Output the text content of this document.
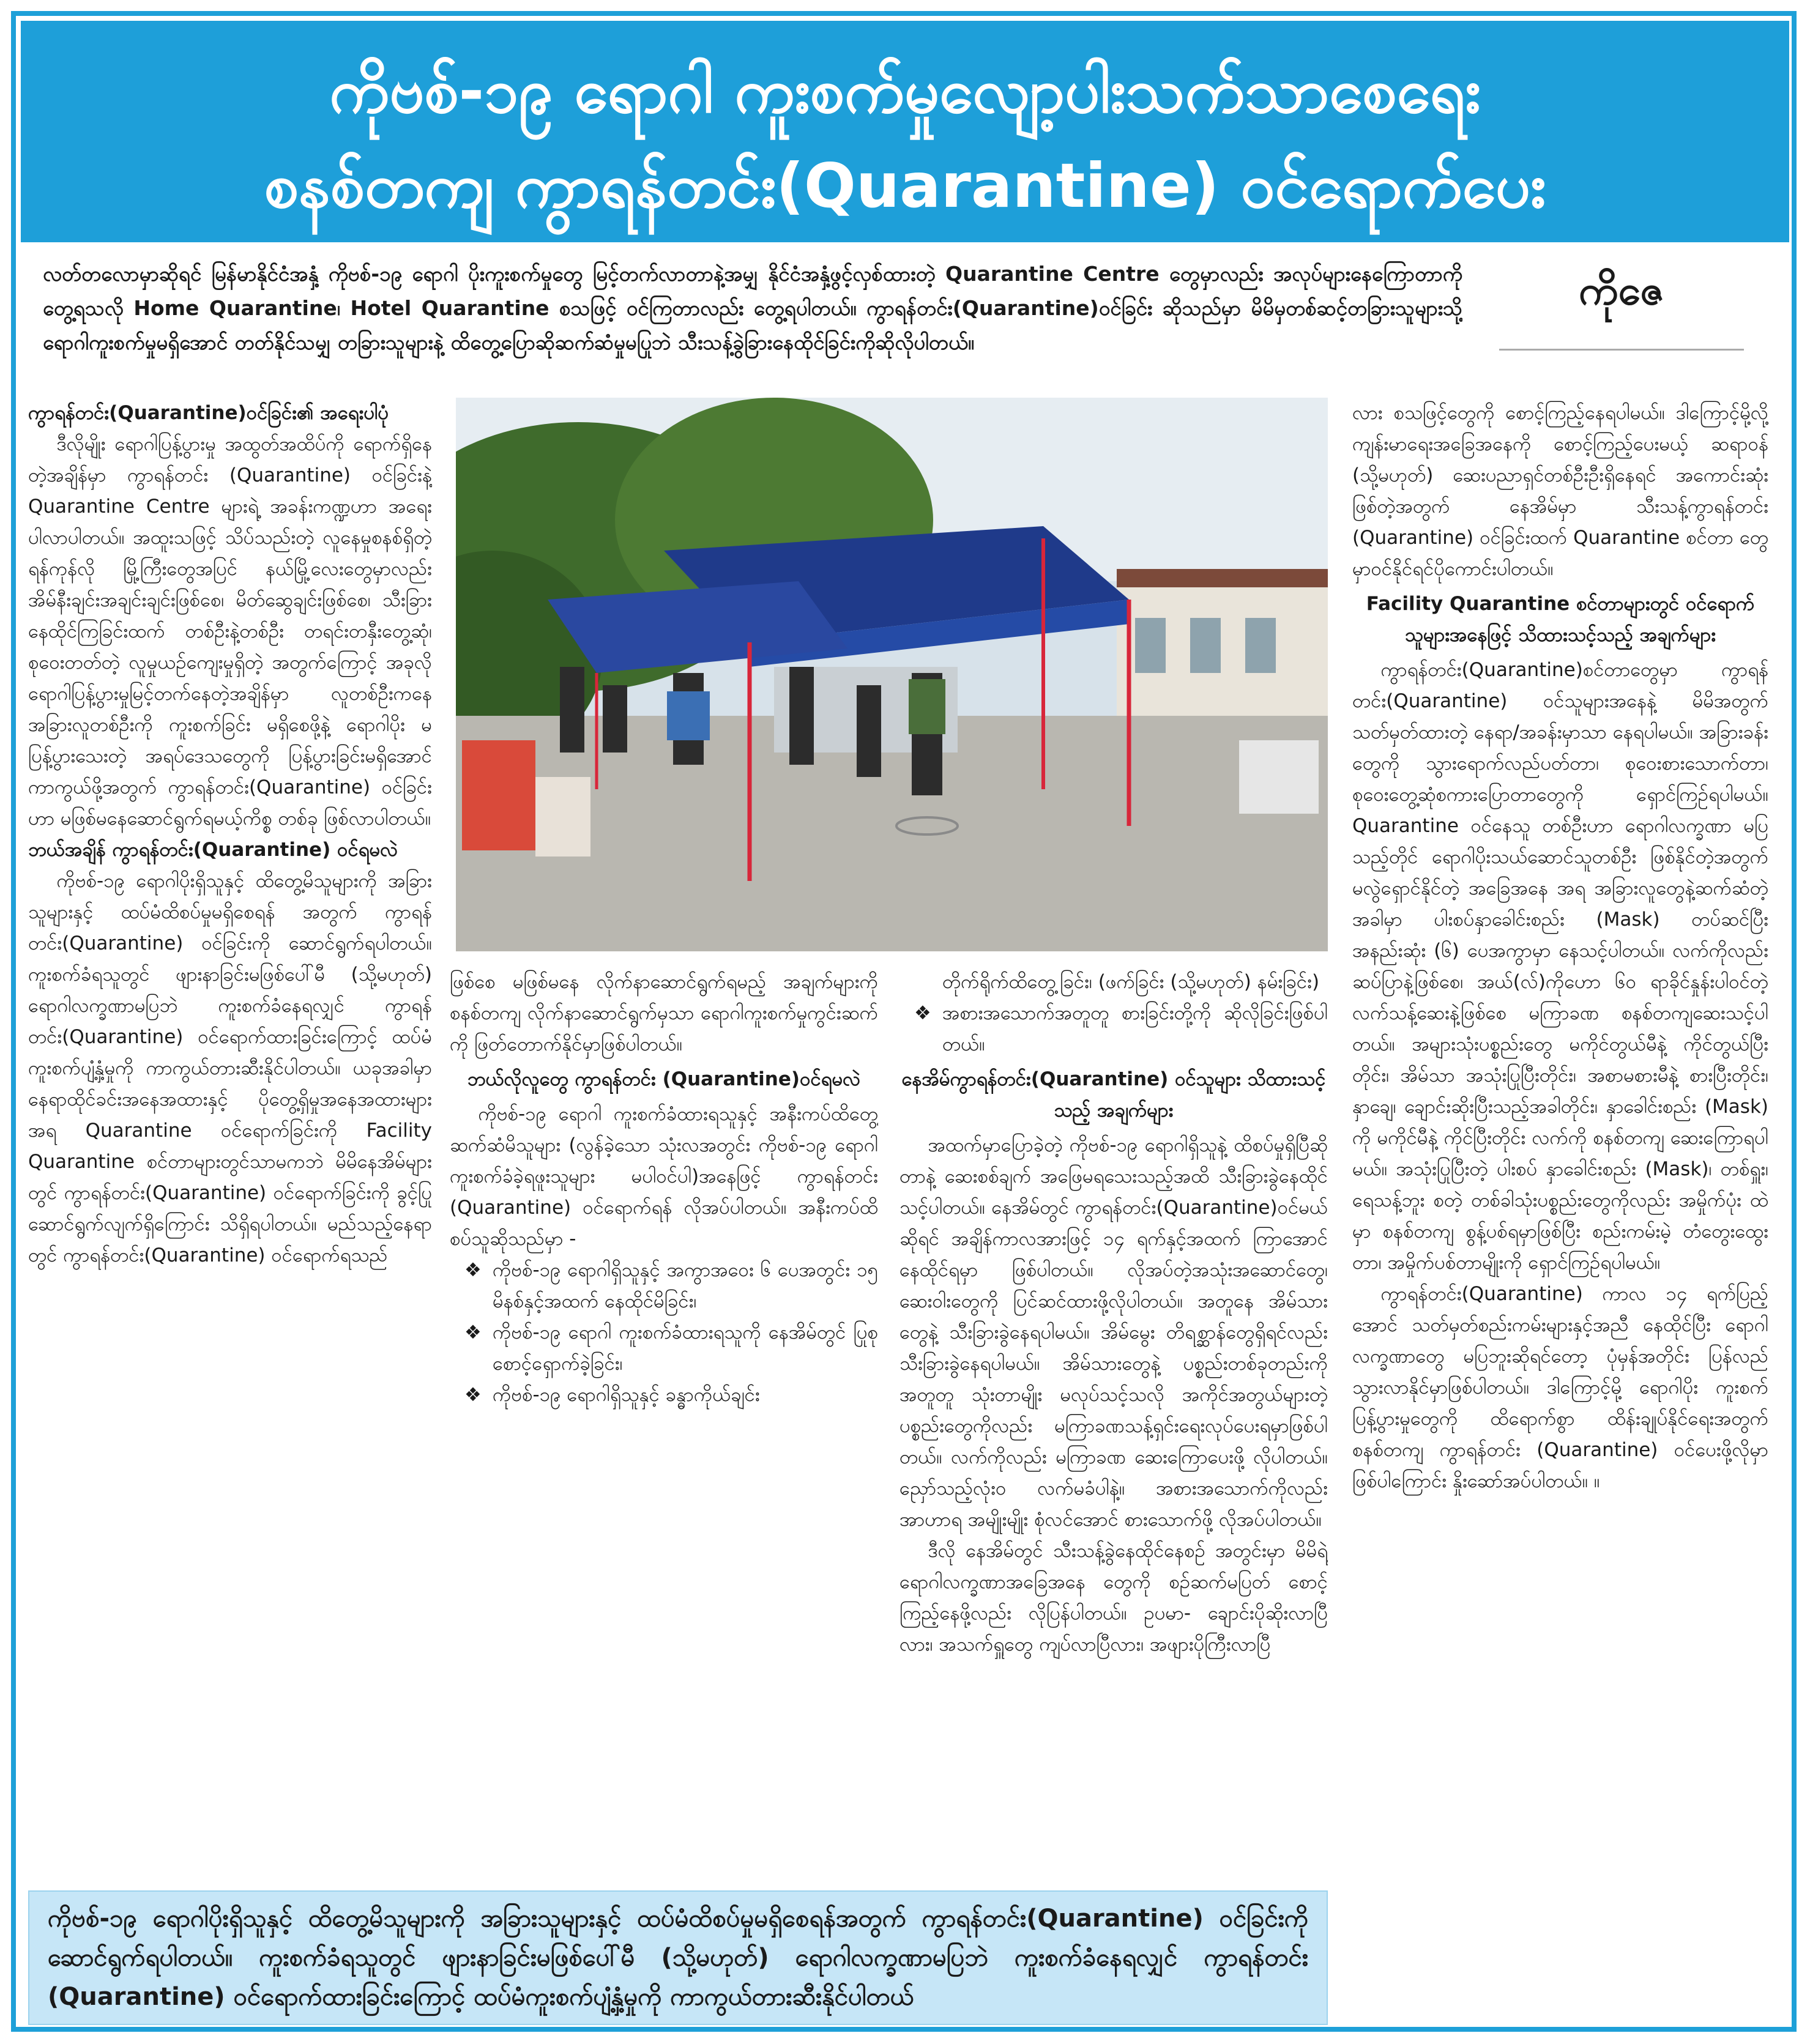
ကိုဗစ်-၁၉ ရောဂါ ကူးစက်မှုလျော့ပါးသက်သာစေရေး
စနစ်တကျ ကွာရန်တင်း(Quarantine) ဝင်ရောက်ပေး

လတ်တလောမှာဆိုရင် မြန်မာနိုင်ငံအနှံ့ ကိုဗစ်-၁၉ ရောဂါ ပိုးကူးစက်မှုတွေ မြင့်တက်လာတာနဲ့အမျှ နိုင်ငံအနှံ့ဖွင့်လှစ်ထားတဲ့ Quarantine Centre တွေမှာလည်း အလုပ်များနေကြောတာကို တွေ့ရသလို Home Quarantine၊ Hotel Quarantine စသဖြင့် ဝင်ကြတာလည်း တွေ့ရပါတယ်။ ကွာရန်တင်း(Quarantine)ဝင်ခြင်း ဆိုသည်မှာ မိမိမှတစ်ဆင့်တခြားသူများသို့ ရောဂါကူးစက်မှုမရှိအောင် တတ်နိုင်သမျှ တခြားသူများနဲ့ ထိတွေ့ပြောဆိုဆက်ဆံမှုမပြုဘဲ သီးသန့်ခွဲခြားနေထိုင်ခြင်းကိုဆိုလိုပါတယ်။

ကိုဇေ
ကွာရန်တင်း(Quarantine)ဝင်ခြင်း၏ အရေးပါပုံ

ဒီလိုမျိုး ရောဂါပြန့်ပွားမှု အထွတ်အထိပ်ကို ရောက်ရှိနေတဲ့အချိန်မှာ ကွာရန်တင်း (Quarantine) ဝင်ခြင်းနဲ့ Quarantine Centre များရဲ့ အခန်းကဏ္ဍဟာ အရေးပါလာပါတယ်။ အထူးသဖြင့် သိပ်သည်းတဲ့ လူနေမှုစနစ်ရှိတဲ့ ရန်ကုန်လို မြို့ကြီးတွေအပြင် နယ်မြို့လေးတွေမှာလည်း အိမ်နီးချင်းအချင်းချင်းဖြစ်စေ၊ မိတ်ဆွေချင်းဖြစ်စေ၊ သီးခြားနေထိုင်ကြခြင်းထက် တစ်ဦးနဲ့တစ်ဦး တရင်းတနှီးတွေ့ဆုံ၊ စုဝေးတတ်တဲ့ လူမှုယဉ်ကျေးမှုရှိတဲ့ အတွက်ကြောင့် အခုလို ရောဂါပြန့်ပွားမှုမြင့်တက်နေတဲ့အချိန်မှာ လူတစ်ဦးကနေ အခြားလူတစ်ဦးကို ကူးစက်ခြင်း မရှိစေဖို့နဲ့ ရောဂါပိုး မပြန့်ပွားသေးတဲ့ အရပ်ဒေသတွေကို ပြန့်ပွားခြင်းမရှိအောင် ကာကွယ်ဖို့အတွက် ကွာရန်တင်း(Quarantine) ဝင်ခြင်းဟာ မဖြစ်မနေဆောင်ရွက်ရမယ့်ကိစ္စ တစ်ခု ဖြစ်လာပါတယ်။

ဘယ်အချိန် ကွာရန်တင်း(Quarantine) ဝင်ရမလဲ

ကိုဗစ်-၁၉ ရောဂါပိုးရှိသူနှင့် ထိတွေ့မိသူများကို အခြားသူများနှင့် ထပ်မံထိစပ်မှုမရှိစေရန် အတွက် ကွာရန်တင်း(Quarantine) ဝင်ခြင်းကို ဆောင်ရွက်ရပါတယ်။ ကူးစက်ခံရသူတွင် ဖျားနာခြင်းမဖြစ်ပေါ်မီ (သို့မဟုတ်) ရောဂါလက္ခဏာမပြဘဲ ကူးစက်ခံနေရလျှင် ကွာရန်တင်း(Quarantine) ဝင်ရောက်ထားခြင်းကြောင့် ထပ်မံကူးစက်ပျံ့နှံ့မှုကို ကာကွယ်တားဆီးနိုင်ပါတယ်။ ယခုအခါမှာ နေရာထိုင်ခင်းအနေအထားနှင့် ပိုတွေ့ရှိမှုအနေအထားများအရ Quarantine ဝင်ရောက်ခြင်းကို Facility Quarantine စင်တာများတွင်သာမကဘဲ မိမိနေအိမ်များတွင် ကွာရန်တင်း(Quarantine) ဝင်ရောက်ခြင်းကို ခွင့်ပြုဆောင်ရွက်လျက်ရှိကြောင်း သိရှိရပါတယ်။ မည်သည့်နေရာတွင် ကွာရန်တင်း(Quarantine) ဝင်ရောက်ရသည်

ဖြစ်စေ မဖြစ်မနေ လိုက်နာဆောင်ရွက်ရမည့် အချက်များကို စနစ်တကျ လိုက်နာဆောင်ရွက်မှသာ ရောဂါကူးစက်မှုကွင်းဆက်ကို ဖြတ်တောက်နိုင်မှာဖြစ်ပါတယ်။

ဘယ်လိုလူတွေ ကွာရန်တင်း (Quarantine)ဝင်ရမလဲ

ကိုဗစ်-၁၉ ရောဂါ ကူးစက်ခံထားရသူနှင့် အနီးကပ်ထိတွေ့ဆက်ဆံမိသူများ (လွန်ခဲ့သော သုံးလအတွင်း ကိုဗစ်-၁၉ ရောဂါ ကူးစက်ခံခဲ့ရဖူးသူများ မပါဝင်ပါ)အနေဖြင့် ကွာရန်တင်း (Quarantine) ဝင်ရောက်ရန် လိုအပ်ပါတယ်။ အနီးကပ်ထိစပ်သူဆိုသည်မှာ -

❖ ကိုဗစ်-၁၉ ရောဂါရှိသူနှင့် အကွာအဝေး ၆ ပေအတွင်း ၁၅ မိနစ်နှင့်အထက် နေထိုင်မိခြင်း၊
❖ ကိုဗစ်-၁၉ ရောဂါ ကူးစက်ခံထားရသူကို နေအိမ်တွင် ပြုစုစောင့်ရှောက်ခဲ့ခြင်း၊
❖ ကိုဗစ်-၁၉ ရောဂါရှိသူနှင့် ခန္ဓာကိုယ်ချင်း

တိုက်ရိုက်ထိတွေ့ခြင်း၊ (ဖက်ခြင်း (သို့မဟုတ်) နမ်းခြင်း)

❖ အစားအသောက်အတူတူ စားခြင်းတို့ကို ဆိုလိုခြင်းဖြစ်ပါတယ်။
နေအိမ်ကွာရန်တင်း(Quarantine) ဝင်သူများ သိထားသင့်သည့် အချက်များ

အထက်မှာပြောခဲ့တဲ့ ကိုဗစ်-၁၉ ရောဂါရှိသူနဲ့ ထိစပ်မှုရှိပြီဆိုတာနဲ့ ဆေးစစ်ချက် အဖြေမရသေးသည့်အထိ သီးခြားခွဲနေထိုင်သင့်ပါတယ်။ နေအိမ်တွင် ကွာရန်တင်း(Quarantine)ဝင်မယ်ဆိုရင် အချိန်ကာလအားဖြင့် ၁၄ ရက်နှင့်အထက် ကြာအောင် နေထိုင်ရမှာ ဖြစ်ပါတယ်။ လိုအပ်တဲ့အသုံးအဆောင်တွေ၊ ဆေးဝါးတွေကို ပြင်ဆင်ထားဖို့လိုပါတယ်။ အတူနေ အိမ်သားတွေနဲ့ သီးခြားခွဲနေရပါမယ်။ အိမ်မွေး တိရစ္ဆာန်တွေရှိရင်လည်း သီးခြားခွဲနေရပါမယ်။ အိမ်သားတွေနဲ့ ပစ္စည်းတစ်ခုတည်းကို အတူတူ သုံးတာမျိုး မလုပ်သင့်သလို အကိုင်အတွယ်များတဲ့ ပစ္စည်းတွေကိုလည်း မကြာခဏသန့်ရှင်းရေးလုပ်ပေးရမှာဖြစ်ပါတယ်။ လက်ကိုလည်း မကြာခဏ ဆေးကြောပေးဖို့ လိုပါတယ်။ ညှော်သည့်လုံးဝ လက်မခံပါနဲ့။ အစားအသောက်ကိုလည်း အာဟာရ အမျိုးမျိုး စုံလင်အောင် စားသောက်ဖို့ လိုအပ်ပါတယ်။

ဒီလို နေအိမ်တွင် သီးသန့်ခွဲနေထိုင်နေစဉ် အတွင်းမှာ မိမိရဲ့ ရောဂါလက္ခဏာအခြေအနေ တွေကို စဉ်ဆက်မပြတ် စောင့်ကြည့်နေဖို့လည်း လိုပြန်ပါတယ်။ ဥပမာ- ချောင်းပိုဆိုးလာပြီလား၊ အသက်ရှူတွေ ကျပ်လာပြီလား၊ အဖျားပိုကြီးလာပြီ

လား စသဖြင့်တွေကို စောင့်ကြည့်နေရပါမယ်။ ဒါကြောင့်မို့လို့ ကျန်းမာရေးအခြေအနေကို စောင့်ကြည့်ပေးမယ့် ဆရာဝန် (သို့မဟုတ်) ဆေးပညာရှင်တစ်ဦးဦးရှိနေရင် အကောင်းဆုံး ဖြစ်တဲ့အတွက် နေအိမ်မှာ သီးသန့်ကွာရန်တင်း (Quarantine) ဝင်ခြင်းထက် Quarantine စင်တာ တွေမှာဝင်နိုင်ရင်ပိုကောင်းပါတယ်။

Facility Quarantine စင်တာများတွင် ဝင်ရောက်သူများအနေဖြင့် သိထားသင့်သည့် အချက်များ

ကွာရန်တင်း(Quarantine)စင်တာတွေမှာ ကွာရန်တင်း(Quarantine) ဝင်သူများအနေနဲ့ မိမိအတွက် သတ်မှတ်ထားတဲ့ နေရာ/အခန်းမှာသာ နေရပါမယ်။ အခြားခန်းတွေကို သွားရောက်လည်ပတ်တာ၊ စုဝေးစားသောက်တာ၊ စုဝေးတွေ့ဆုံစကားပြောတာတွေကို ရှောင်ကြဉ်ရပါမယ်။ Quarantine ဝင်နေသူ တစ်ဦးဟာ ရောဂါလက္ခဏာ မပြသည့်တိုင် ရောဂါပိုးသယ်ဆောင်သူတစ်ဦး ဖြစ်နိုင်တဲ့အတွက် မလွဲရှောင်နိုင်တဲ့ အခြေအနေ အရ အခြားလူတွေနဲ့ဆက်ဆံတဲ့အခါမှာ ပါးစပ်နှာခေါင်းစည်း (Mask) တပ်ဆင်ပြီး အနည်းဆုံး (၆) ပေအကွာမှာ နေသင့်ပါတယ်။ လက်ကိုလည်း ဆပ်ပြာနဲ့ဖြစ်စေ၊ အယ်(လ်)ကိုဟော ၆ဝ ရာခိုင်နှုန်းပါဝင်တဲ့ လက်သန့်ဆေးနဲ့ဖြစ်စေ မကြာခဏ စနစ်တကျဆေးသင့်ပါတယ်။ အများသုံးပစ္စည်းတွေ မကိုင်တွယ်မီနဲ့ ကိုင်တွယ်ပြီးတိုင်း၊ အိမ်သာ အသုံးပြုပြီးတိုင်း၊ အစာမစားမီနဲ့ စားပြီးတိုင်း၊ နှာချေ၊ ချောင်းဆိုးပြီးသည့်အခါတိုင်း၊ နှာခေါင်းစည်း (Mask) ကို မကိုင်မီနဲ့ ကိုင်ပြီးတိုင်း လက်ကို စနစ်တကျ ဆေးကြောရပါမယ်။ အသုံးပြုပြီးတဲ့ ပါးစပ် နှာခေါင်းစည်း (Mask)၊ တစ်ရှူး၊ ရေသန့်ဘူး စတဲ့ တစ်ခါသုံးပစ္စည်းတွေကိုလည်း အမှိုက်ပုံး ထဲမှာ စနစ်တကျ စွန့်ပစ်ရမှာဖြစ်ပြီး စည်းကမ်းမဲ့ တံတွေးထွေးတာ၊ အမှိုက်ပစ်တာမျိုးကို ရှောင်ကြဉ်ရပါမယ်။

ကွာရန်တင်း(Quarantine) ကာလ ၁၄ ရက်ပြည့်အောင် သတ်မှတ်စည်းကမ်းများနှင့်အညီ နေထိုင်ပြီး ရောဂါလက္ခဏာတွေ မပြဘူးဆိုရင်တော့ ပုံမှန်အတိုင်း ပြန်လည်သွားလာနိုင်မှာဖြစ်ပါတယ်။ ဒါကြောင့်မို့ ရောဂါပိုး ကူးစက်ပြန့်ပွားမှုတွေကို ထိရောက်စွာ ထိန်းချုပ်နိုင်ရေးအတွက် စနစ်တကျ ကွာရန်တင်း (Quarantine) ဝင်ပေးဖို့လိုမှာ ဖြစ်ပါကြောင်း နှိုးဆော်အပ်ပါတယ်။ ။

ကိုဗစ်-၁၉ ရောဂါပိုးရှိသူနှင့် ထိတွေ့မိသူများကို အခြားသူများနှင့် ထပ်မံထိစပ်မှုမရှိစေရန်အတွက် ကွာရန်တင်း(Quarantine) ဝင်ခြင်းကို ဆောင်ရွက်ရပါတယ်။ ကူးစက်ခံရသူတွင် ဖျားနာခြင်းမဖြစ်ပေါ်မီ (သို့မဟုတ်) ရောဂါလက္ခဏာမပြဘဲ ကူးစက်ခံနေရလျှင် ကွာရန်တင်း (Quarantine) ဝင်ရောက်ထားခြင်းကြောင့် ထပ်မံကူးစက်ပျံ့နှံ့မှုကို ကာကွယ်တားဆီးနိုင်ပါတယ်
